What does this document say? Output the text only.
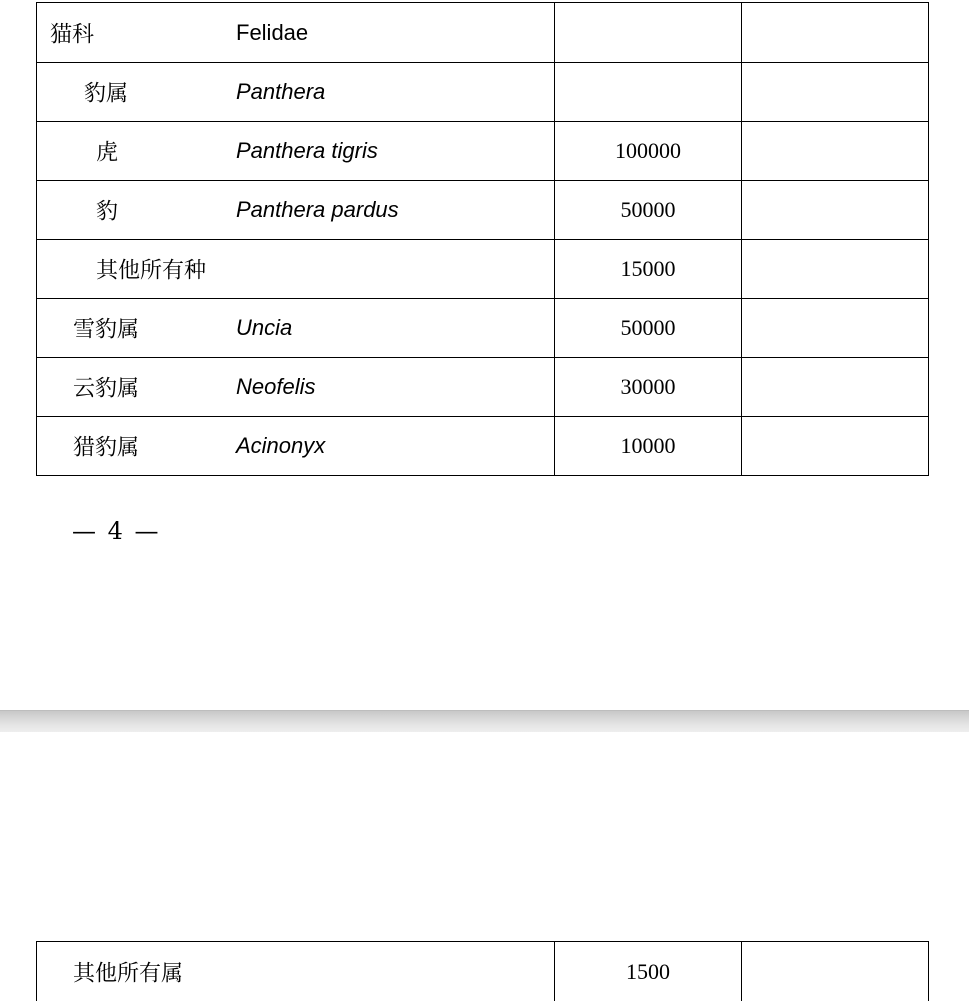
猫科 Felidae		

豹属 Panthera		

虎 Panthera tigris	100000	

豹 Panthera pardus	50000	

其他所有种	15000	

雪豹属 Uncia	50000	

云豹属 Neofelis	30000	

猎豹属 Acinonyx	10000	
— 4 —
其他所有属	1500	
